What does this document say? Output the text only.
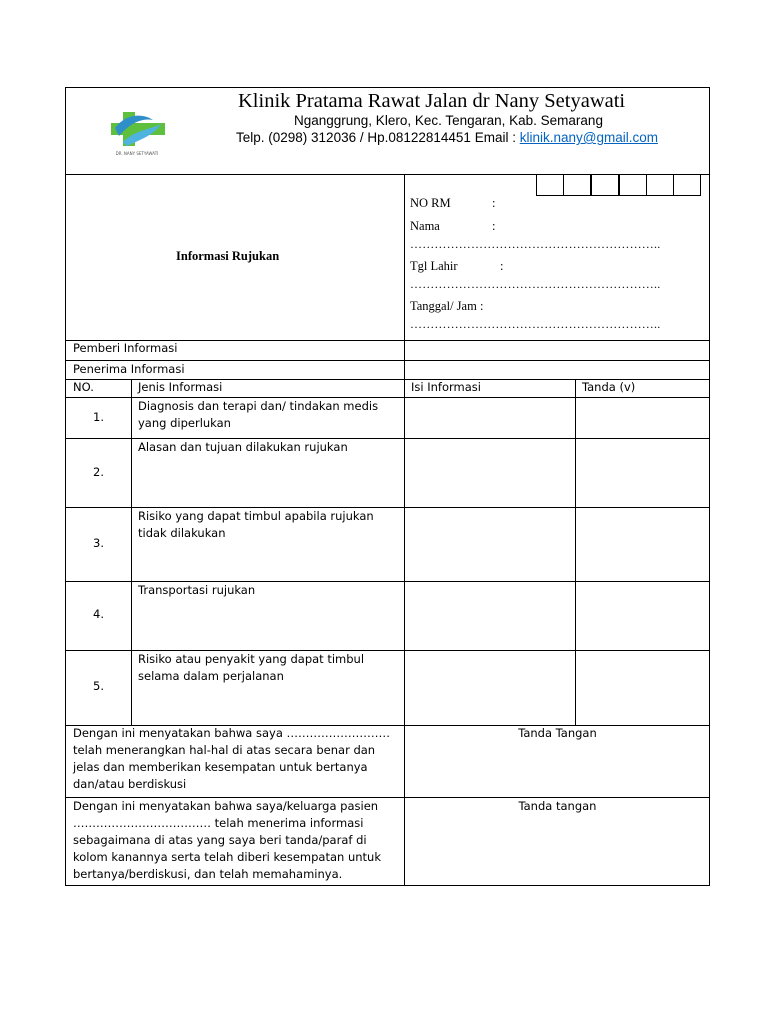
DR. NANY SETYAWATI
Klinik Pratama Rawat Jalan dr Nany Setyawati
Nganggrung, Klero, Kec. Tengaran, Kab. Semarang
Telp. (0298) 312036 / Hp.08122814451 Email : klinik.nany@gmail.com
Informasi Rujukan
NO RM	:
Nama	:
……………………………………………………..
Tgl Lahir	:
……………………………………………………..
Tanggal/ Jam :
……………………………………………………..
Pemberi Informasi
Penerima Informasi
NO.	Jenis Informasi	Isi Informasi	Tanda (v)
1.
Diagnosis dan terapi dan/ tindakan medis
yang diperlukan
2.
Alasan dan tujuan dilakukan rujukan
3.
Risiko yang dapat timbul apabila rujukan
tidak dilakukan
4.
Transportasi rujukan
5.
Risiko atau penyakit yang dapat timbul
selama dalam perjalanan
Dengan ini menyatakan bahwa saya ………………………
telah menerangkan hal-hal di atas secara benar dan
jelas dan memberikan kesempatan untuk bertanya
dan/atau berdiskusi
Tanda Tangan
Dengan ini menyatakan bahwa saya/keluarga pasien
……………………………… telah menerima informasi
sebagaimana di atas yang saya beri tanda/paraf di
kolom kanannya serta telah diberi kesempatan untuk
bertanya/berdiskusi, dan telah memahaminya.
Tanda tangan
